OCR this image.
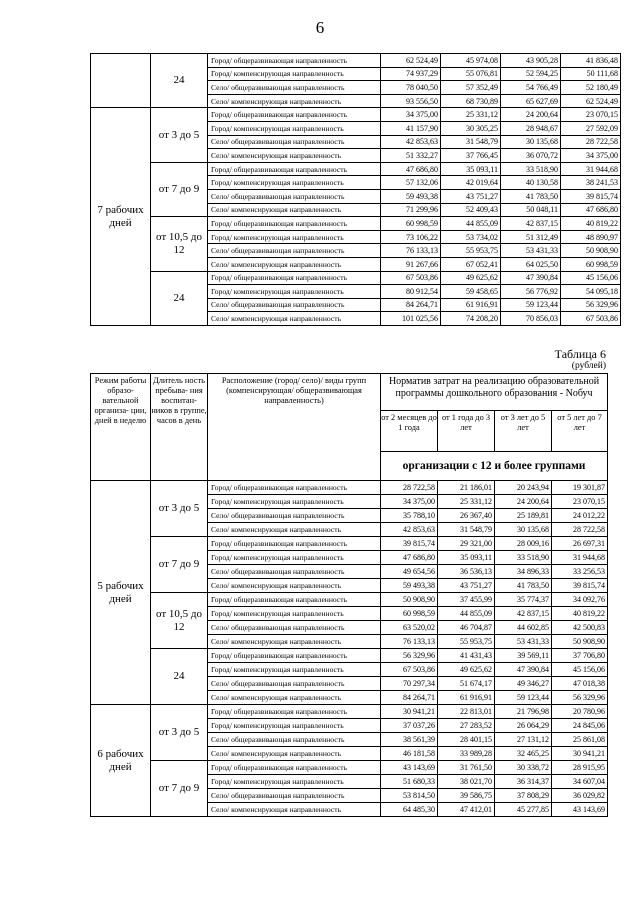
6
	24	Город/ общеразвивающая направленность	62 524,49	45 974,08	43 905,28	41 836,48
		Город/ компенсирующая направленность	74 937,29	55 076,81	52 594,25	50 111,68
		Село/ общеразвивающая направленность	78 040,50	57 352,49	54 766,49	52 180,49
		Село/ компенсирующая направленность	93 556,50	68 730,89	65 627,69	62 524,49
7 рабочих дней	от 3 до 5	Город/ общеразвивающая направленность	34 375,00	25 331,12	24 200,64	23 070,15
		Город/ компенсирующая направленность	41 157,90	30 305,25	28 948,67	27 592,09
		Село/ общеразвивающая направленность	42 853,63	31 548,79	30 135,68	28 722,58
		Село/ компенсирующая направленность	51 332,27	37 766,45	36 070,72	34 375,00
	от 7 до 9	Город/ общеразвивающая направленность	47 686,80	35 093,11	33 518,90	31 944,68
		Город/ компенсирующая направленность	57 132,06	42 019,64	40 130,58	38 241,53
		Село/ общеразвивающая направленность	59 493,38	43 751,27	41 783,50	39 815,74
		Село/ компенсирующая направленность	71 299,96	52 409,43	50 048,11	47 686,80
	от 10,5 до 12	Город/ общеразвивающая направленность	60 998,59	44 855,09	42 837,15	40 819,22
		Город/ компенсирующая направленность	73 106,22	53 734,02	51 312,49	48 890,97
		Село/ общеразвивающая направленность	76 133,13	55 953,75	53 431,33	50 908,90
		Село/ компенсирующая направленность	91 267,66	67 052,41	64 025,50	60 998,59
	24	Город/ общеразвивающая направленность	67 503,86	49 625,62	47 390,84	45 156,06
		Город/ компенсирующая направленность	80 912,54	59 458,65	56 776,92	54 095,18
		Село/ общеразвивающая направленность	84 264,71	61 916,91	59 123,44	56 329,96
		Село/ компенсирующая направленность	101 025,56	74 208,20	70 856,03	67 503,86
Таблица 6
(рублей)
Режим работы образо- вательной организа- ции, дней в неделю	Длитель ность пребыва- ния воспитан- ников в группе, часов в день	Расположение (город/ село)/ виды групп (компенсирующая/ общеразвивающая направленность)	Норматив затрат на реализацию образовательной программы дошкольного образования - Nобуч			
			от 2 месяцев до 1 года	от 1 года до 3 лет	от 3 лет до 5 лет	от 5 лет до 7 лет
			организации с 12 и более группами			
5 рабочих дней	от 3 до 5	Город/ общеразвивающая направленность	28 722,58	21 186,01	20 243,94	19 301,87
		Город/ компенсирующая направленность	34 375,00	25 331,12	24 200,64	23 070,15
		Село/ общеразвивающая направленность	35 788,10	26 367,40	25 189,81	24 012,22
		Село/ компенсирующая направленность	42 853,63	31 548,79	30 135,68	28 722,58
	от 7 до 9	Город/ общеразвивающая направленность	39 815,74	29 321,00	28 009,16	26 697,31
		Город/ компенсирующая направленность	47 686,80	35 093,11	33 518,90	31 944,68
		Село/ общеразвивающая направленность	49 654,56	36 536,13	34 896,33	33 256,53
		Село/ компенсирующая направленность	59 493,38	43 751,27	41 783,50	39 815,74
	от 10,5 до 12	Город/ общеразвивающая направленность	50 908,90	37 455,99	35 774,37	34 092,76
		Город/ компенсирующая направленность	60 998,59	44 855,09	42 837,15	40 819,22
		Село/ общеразвивающая направленность	63 520,02	46 704,87	44 602,85	42 500,83
		Село/ компенсирующая направленность	76 133,13	55 953,75	53 431,33	50 908,90
	24	Город/ общеразвивающая направленность	56 329,96	41 431,43	39 569,11	37 706,80
		Город/ компенсирующая направленность	67 503,86	49 625,62	47 390,84	45 156,06
		Село/ общеразвивающая направленность	70 297,34	51 674,17	49 346,27	47 018,38
		Село/ компенсирующая направленность	84 264,71	61 916,91	59 123,44	56 329,96
6 рабочих дней	от 3 до 5	Город/ общеразвивающая направленность	30 941,21	22 813,01	21 796,98	20 780,96
		Город/ компенсирующая направленность	37 037,26	27 283,52	26 064,29	24 845,06
		Село/ общеразвивающая направленность	38 561,39	28 401,15	27 131,12	25 861,08
		Село/ компенсирующая направленность	46 181,58	33 989,28	32 465,25	30 941,21
	от 7 до 9	Город/ общеразвивающая направленность	43 143,69	31 761,50	30 338,72	28 915,95
		Город/ компенсирующая направленность	51 680,33	38 021,70	36 314,37	34 607,04
		Село/ общеразвивающая направленность	53 814,50	39 586,75	37 808,29	36 029,82
		Село/ компенсирующая направленность	64 485,30	47 412,01	45 277,85	43 143,69
